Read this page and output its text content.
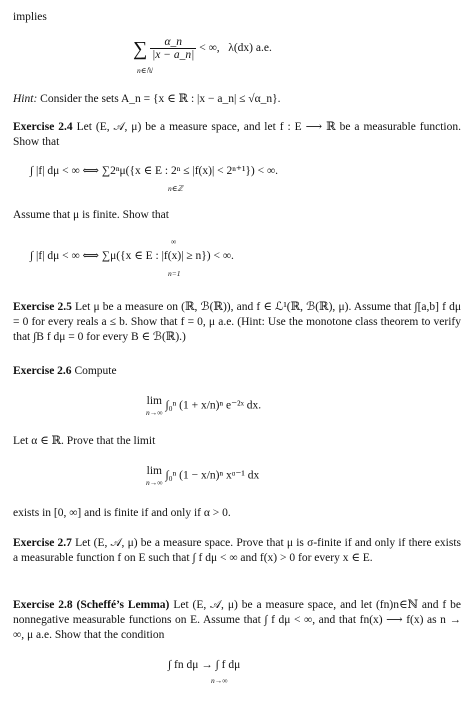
implies
∑ $\frac{\alpha\_n}{|x - a\_n|}$ < ∞, λ(dx) a.e.
n∈ℕ
Hint: Consider the sets A_n = {x ∈ ℝ : |x − a_n| ≤ √α_n}.
Exercise 2.4 Let (E, 𝒜, μ) be a measure space, and let f : E ⟶ ℝ be a measurable function. Show that
∫ |f| dμ < ∞ ⟺ ∑2ⁿμ({x ∈ E : 2ⁿ ≤ |f(x)| < 2ⁿ⁺¹}) < ∞.
n∈ℤ
Assume that μ is finite. Show that
∞
∫ |f| dμ < ∞ ⟺ ∑μ({x ∈ E : |f(x)| ≥ n}) < ∞.
n=1
Exercise 2.5 Let μ be a measure on (ℝ, ℬ(ℝ)), and f ∈ ℒ¹(ℝ, ℬ(ℝ), μ). Assume that ∫[a,b] f dμ = 0 for every reals a ≤ b. Show that f = 0, μ a.e. (Hint: Use the monotone class theorem to verify that ∫B f dμ = 0 for every B ∈ ℬ(ℝ).)
Exercise 2.6 Compute
lim
n→∞
∫₀ⁿ (1 + x/n)ⁿ e⁻²ˣ dx.
Let α ∈ ℝ. Prove that the limit
lim
n→∞
∫₀ⁿ (1 − x/n)ⁿ xᵅ⁻¹ dx
exists in [0, ∞] and is finite if and only if α > 0.
Exercise 2.7 Let (E, 𝒜, μ) be a measure space. Prove that μ is σ-finite if and only if there exists a measurable function f on E such that ∫ f dμ < ∞ and f(x) > 0 for every x ∈ E.
Exercise 2.8 (Scheffé’s Lemma) Let (E, 𝒜, μ) be a measure space, and let (fn)n∈ℕ and f be nonnegative measurable functions on E. Assume that ∫ f dμ < ∞, and that fn(x) ⟶ f(x) as n → ∞, μ a.e. Show that the condition
∫ fn dμ → ∫ f dμ
n→∞
